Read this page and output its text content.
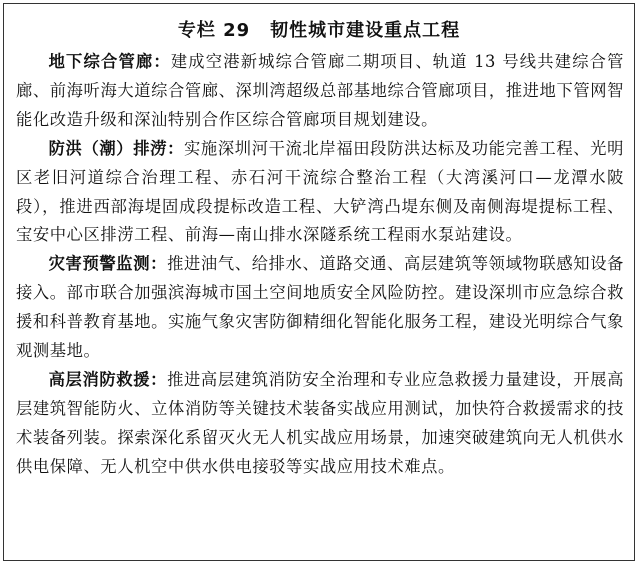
专栏 29 韧性城市建设重点工程

地下综合管廊：建成空港新城综合管廊二期项目、轨道 13 号线共建综合管廊、前海听海大道综合管廊、深圳湾超级总部基地综合管廊项目，推进地下管网智能化改造升级和深汕特别合作区综合管廊项目规划建设。

防洪（潮）排涝：实施深圳河干流北岸福田段防洪达标及功能完善工程、光明区老旧河道综合治理工程、赤石河干流综合整治工程（大湾溪河口—龙潭水陂段），推进西部海堤固成段提标改造工程、大铲湾凸堤东侧及南侧海堤提标工程、宝安中心区排涝工程、前海—南山排水深隧系统工程雨水泵站建设。

灾害预警监测：推进油气、给排水、道路交通、高层建筑等领域物联感知设备接入。部市联合加强滨海城市国土空间地质安全风险防控。建设深圳市应急综合救援和科普教育基地。实施气象灾害防御精细化智能化服务工程，建设光明综合气象观测基地。

高层消防救援：推进高层建筑消防安全治理和专业应急救援力量建设，开展高层建筑智能防火、立体消防等关键技术装备实战应用测试，加快符合救援需求的技术装备列装。探索深化系留灭火无人机实战应用场景，加速突破建筑向无人机供水供电保障、无人机空中供水供电接驳等实战应用技术难点。
